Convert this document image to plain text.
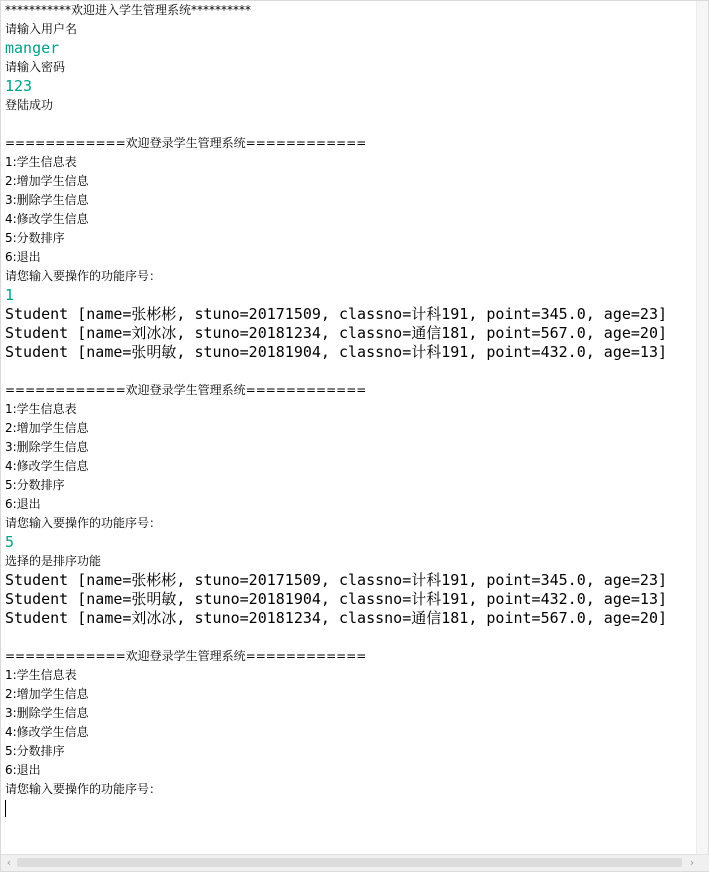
***********欢迎进入学生管理系统**********
请输入用户名
manger
请输入密码
123
登陆成功
============欢迎登录学生管理系统============
1:学生信息表
2:增加学生信息
3:删除学生信息
4:修改学生信息
5:分数排序
6:退出
请您输入要操作的功能序号：
1
Student [name=张彬彬, stuno=20171509, classno=计科191, point=345.0, age=23]
Student [name=刘冰冰, stuno=20181234, classno=通信181, point=567.0, age=20]
Student [name=张明敏, stuno=20181904, classno=计科191, point=432.0, age=13]
============欢迎登录学生管理系统============
1:学生信息表
2:增加学生信息
3:删除学生信息
4:修改学生信息
5:分数排序
6:退出
请您输入要操作的功能序号：
5
选择的是排序功能
Student [name=张彬彬, stuno=20171509, classno=计科191, point=345.0, age=23]
Student [name=张明敏, stuno=20181904, classno=计科191, point=432.0, age=13]
Student [name=刘冰冰, stuno=20181234, classno=通信181, point=567.0, age=20]
============欢迎登录学生管理系统============
1:学生信息表
2:增加学生信息
3:删除学生信息
4:修改学生信息
5:分数排序
6:退出
请您输入要操作的功能序号：
‹	›
